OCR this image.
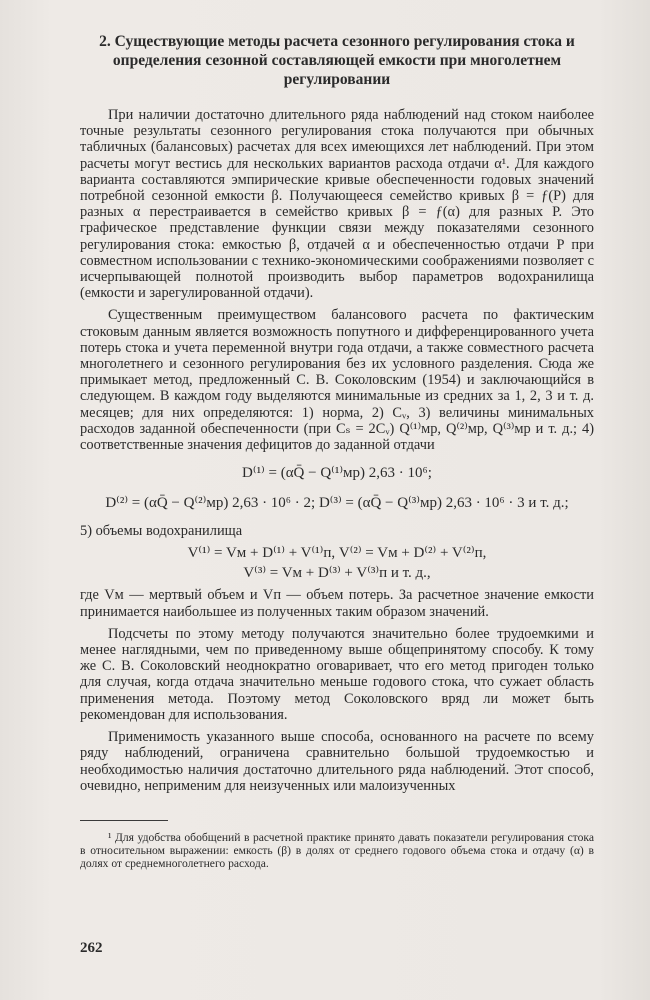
2. Существующие методы расчета сезонного регулирования стока и
определения сезонной составляющей емкости при многолетнем
регулировании

При наличии достаточно длительного ряда наблюдений над стоком наиболее точные результаты сезонного регулирования стока получаются при обычных табличных (балансовых) расчетах для всех имеющихся лет наблюдений. При этом расчеты могут вестись для нескольких вариантов расхода отдачи α¹. Для каждого варианта составляются эмпирические кривые обеспеченности годовых значений потребной сезонной емкости β. Получающееся семейство кривых β = ƒ(P) для разных α перестраивается в семейство кривых β = ƒ(α) для разных P. Это графическое представление функции связи между показателями сезонного регулирования стока: емкостью β, отдачей α и обеспеченностью отдачи P при совместном использовании с технико-экономическими соображениями позволяет с исчерпывающей полнотой производить выбор параметров водохранилища (емкости и зарегулированной отдачи).

Существенным преимуществом балансового расчета по фактическим стоковым данным является возможность попутного и дифференцированного учета потерь стока и учета переменной внутри года отдачи, а также совместного расчета многолетнего и сезонного регулирования без их условного разделения. Сюда же примыкает метод, предложенный С. В. Соколовским (1954) и заключающийся в следующем. В каждом году выделяются минимальные из средних за 1, 2, 3 и т. д. месяцев; для них определяются: 1) норма, 2) Cᵥ, 3) величины минимальных расходов заданной обеспеченности (при Cₛ = 2Cᵥ) Q⁽¹⁾мр, Q⁽²⁾мр, Q⁽³⁾мр и т. д.; 4) соответственные значения дефицитов до заданной отдачи

D⁽¹⁾ = (αQ̄ − Q⁽¹⁾мр) 2,63 · 10⁶;
D⁽²⁾ = (αQ̄ − Q⁽²⁾мр) 2,63 · 10⁶ · 2; D⁽³⁾ = (αQ̄ − Q⁽³⁾мр) 2,63 · 10⁶ · 3 и т. д.;

5) объемы водохранилища

V⁽¹⁾ = Vм + D⁽¹⁾ + V⁽¹⁾п, V⁽²⁾ = Vм + D⁽²⁾ + V⁽²⁾п,
V⁽³⁾ = Vм + D⁽³⁾ + V⁽³⁾п и т. д.,

где Vм — мертвый объем и Vп — объем потерь. За расчетное значение емкости принимается наибольшее из полученных таким образом значений.

Подсчеты по этому методу получаются значительно более трудоемкими и менее наглядными, чем по приведенному выше общепринятому способу. К тому же С. В. Соколовский неоднократно оговаривает, что его метод пригоден только для случая, когда отдача значительно меньше годового стока, что сужает область применения метода. Поэтому метод Соколовского вряд ли может быть рекомендован для использования.

Применимость указанного выше способа, основанного на расчете по всему ряду наблюдений, ограничена сравнительно большой трудоемкостью и необходимостью наличия достаточно длительного ряда наблюдений. Этот способ, очевидно, неприменим для неизученных или малоизученных

¹ Для удобства обобщений в расчетной практике принято давать показатели регулирования стока в относительном выражении: емкость (β) в долях от среднего годового объема стока и отдачу (α) в долях от среднемноголетнего расхода.

262
